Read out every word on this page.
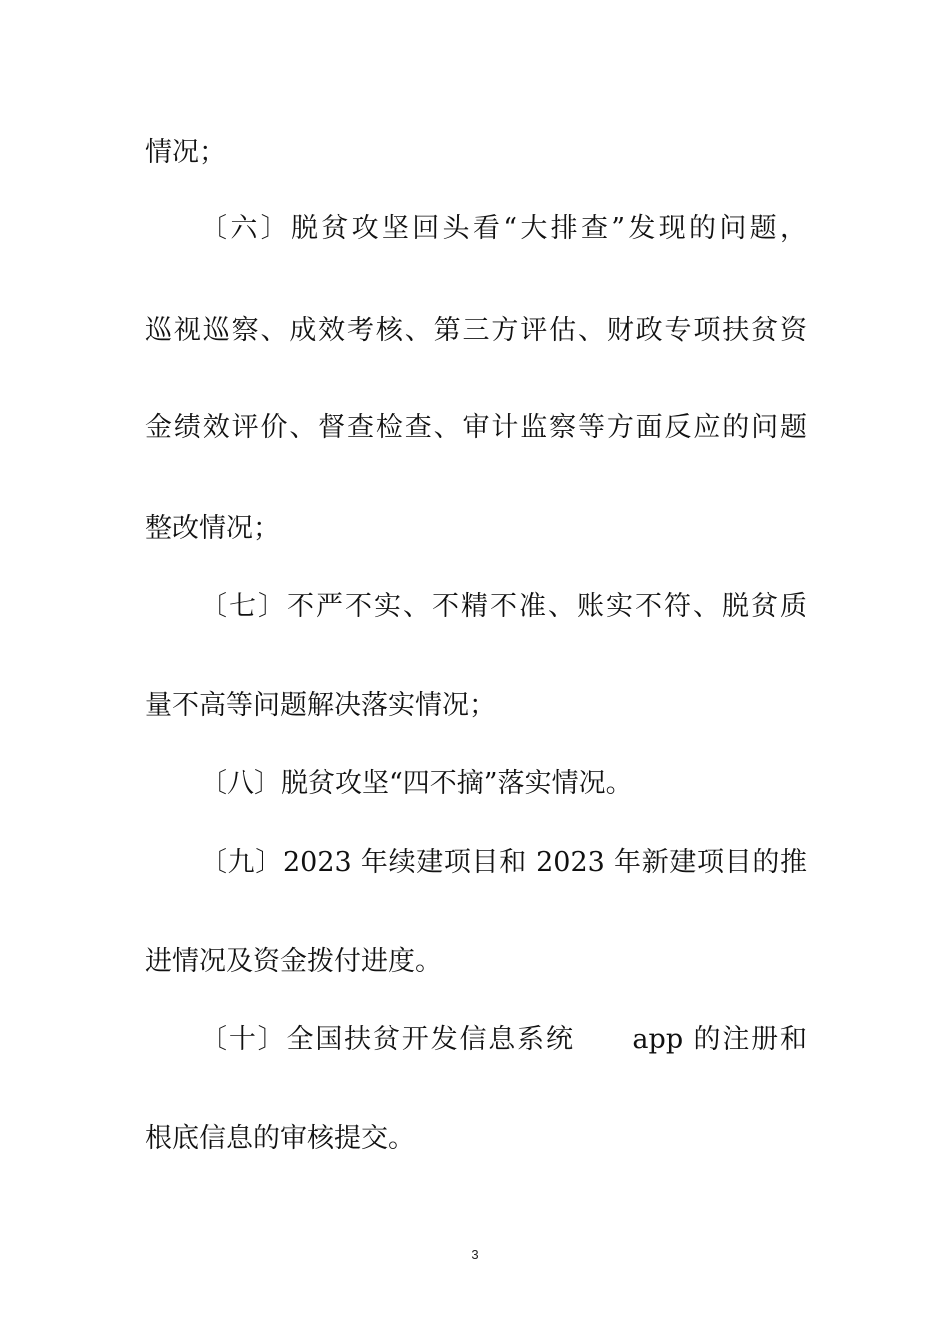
情况；

〔六〕脱贫攻坚回头看“大排查”发现的问题，

巡视巡察、成效考核、第三方评估、财政专项扶贫资

金绩效评价、督查检查、审计监察等方面反应的问题

整改情况；

〔七〕不严不实、不精不准、账实不符、脱贫质

量不高等问题解决落实情况；

〔八〕脱贫攻坚“四不摘”落实情况。

〔九〕2023 年续建项目和 2023 年新建项目的推

进情况及资金拨付进度。

〔十〕全国扶贫开发信息系统　　app 的注册和

根底信息的审核提交。

3
